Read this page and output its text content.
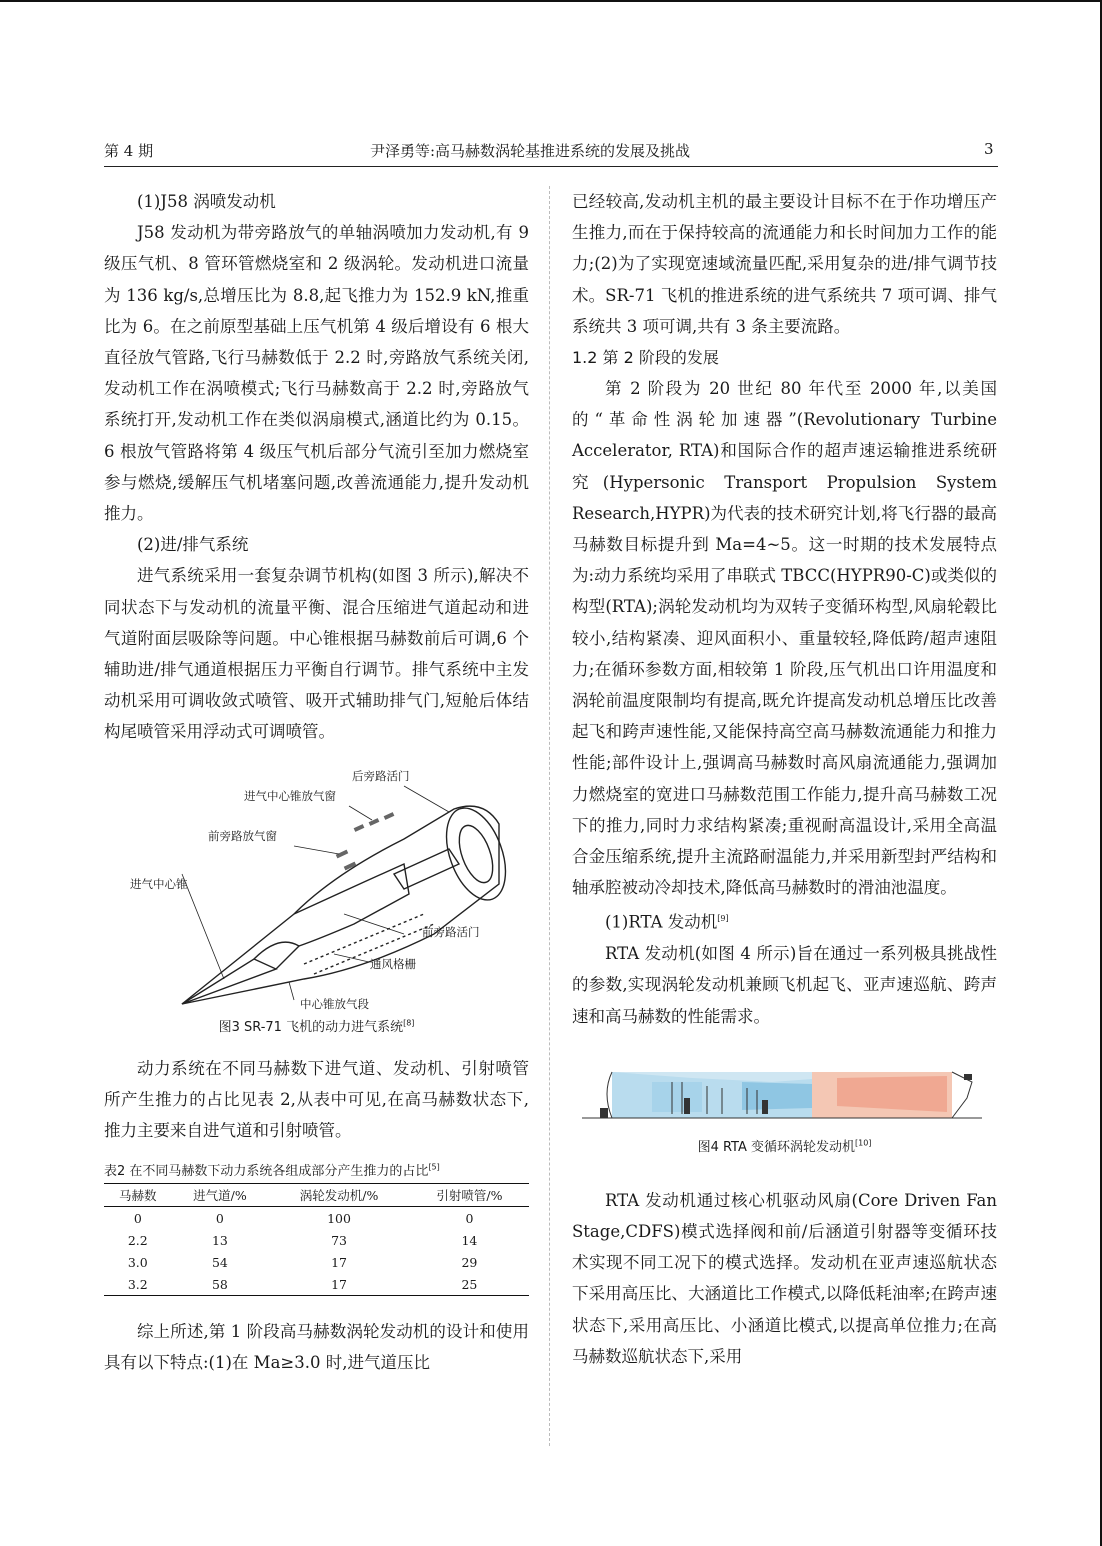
第 4 期	尹泽勇等:高马赫数涡轮基推进系统的发展及挑战	3

(1)J58 涡喷发动机

J58 发动机为带旁路放气的单轴涡喷加力发动机,有 9 级压气机、8 管环管燃烧室和 2 级涡轮。发动机进口流量为 136 kg/s,总增压比为 8.8,起飞推力为 152.9 kN,推重比为 6。在之前原型基础上压气机第 4 级后增设有 6 根大直径放气管路,飞行马赫数低于 2.2 时,旁路放气系统关闭,发动机工作在涡喷模式;飞行马赫数高于 2.2 时,旁路放气系统打开,发动机工作在类似涡扇模式,涵道比约为 0.15。6 根放气管路将第 4 级压气机后部分气流引至加力燃烧室参与燃烧,缓解压气机堵塞问题,改善流通能力,提升发动机推力。

(2)进/排气系统

进气系统采用一套复杂调节机构(如图 3 所示),解决不同状态下与发动机的流量平衡、混合压缩进气道起动和进气道附面层吸除等问题。中心锥根据马赫数前后可调,6 个辅助进/排气通道根据压力平衡自行调节。排气系统中主发动机采用可调收敛式喷管、吸开式辅助排气门,短舱后体结构尾喷管采用浮动式可调喷管。

后旁路活门
进气中心锥放气窗
前旁路放气窗
进气中心锥
前旁路活门
通风格栅
中心锥放气段

图3 SR-71 飞机的动力进气系统[8]

动力系统在不同马赫数下进气道、发动机、引射喷管所产生推力的占比见表 2,从表中可见,在高马赫数状态下,推力主要来自进气道和引射喷管。

表2 在不同马赫数下动力系统各组成部分产生推力的占比[5]

马赫数	进气道/%	涡轮发动机/%	引射喷管/%
0	0	100	0
2.2	13	73	14
3.0	54	17	29
3.2	58	17	25

综上所述,第 1 阶段高马赫数涡轮发动机的设计和使用具有以下特点:(1)在 Ma≥3.0 时,进气道压比

已经较高,发动机主机的最主要设计目标不在于作功增压产生推力,而在于保持较高的流通能力和长时间加力工作的能力;(2)为了实现宽速域流量匹配,采用复杂的进/排气调节技术。SR-71 飞机的推进系统的进气系统共 7 项可调、排气系统共 3 项可调,共有 3 条主要流路。

1.2 第 2 阶段的发展

第 2 阶段为 20 世纪 80 年代至 2000 年,以美国的“革命性涡轮加速器”(Revolutionary Turbine Accelerator, RTA)和国际合作的超声速运输推进系统研究(Hypersonic Transport Propulsion System Research,HYPR)为代表的技术研究计划,将飞行器的最高马赫数目标提升到 Ma=4~5。这一时期的技术发展特点为:动力系统均采用了串联式 TBCC(HYPR90-C)或类似的构型(RTA);涡轮发动机均为双转子变循环构型,风扇轮毂比较小,结构紧凑、迎风面积小、重量较轻,降低跨/超声速阻力;在循环参数方面,相较第 1 阶段,压气机出口许用温度和涡轮前温度限制均有提高,既允许提高发动机总增压比改善起飞和跨声速性能,又能保持高空高马赫数流通能力和推力性能;部件设计上,强调高马赫数时高风扇流通能力,强调加力燃烧室的宽进口马赫数范围工作能力,提升高马赫数工况下的推力,同时力求结构紧凑;重视耐高温设计,采用全高温合金压缩系统,提升主流路耐温能力,并采用新型封严结构和轴承腔被动冷却技术,降低高马赫数时的滑油池温度。

(1)RTA 发动机[9]

RTA 发动机(如图 4 所示)旨在通过一系列极具挑战性的参数,实现涡轮发动机兼顾飞机起飞、亚声速巡航、跨声速和高马赫数的性能需求。

图4 RTA 变循环涡轮发动机[10]

RTA 发动机通过核心机驱动风扇(Core Driven Fan Stage,CDFS)模式选择阀和前/后涵道引射器等变循环技术实现不同工况下的模式选择。发动机在亚声速巡航状态下采用高压比、大涵道比工作模式,以降低耗油率;在跨声速状态下,采用高压比、小涵道比模式,以提高单位推力;在高马赫数巡航状态下,采用
